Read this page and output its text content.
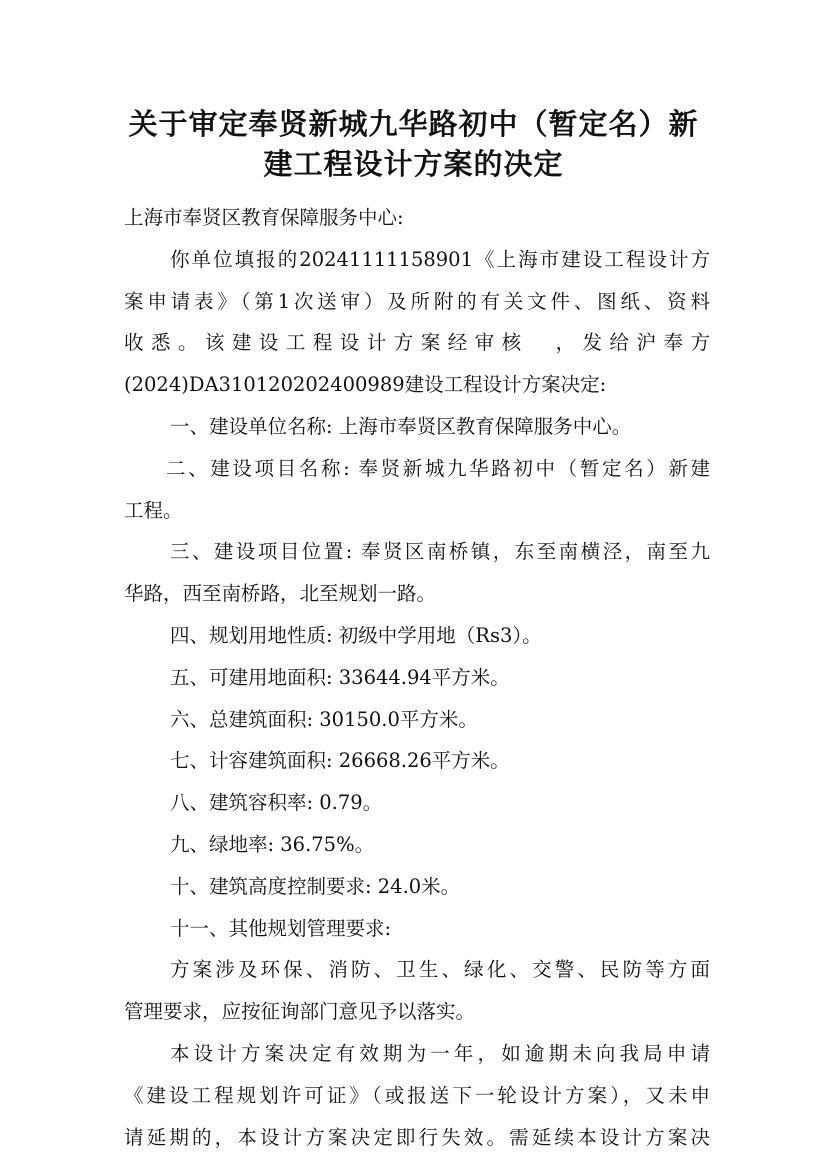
关于审定奉贤新城九华路初中（暂定名）新
建工程设计方案的决定
上海市奉贤区教育保障服务中心:
你单位填报的20241111158901《上海市建设工程设计方
案申请表》（第1次送审）及所附的有关文件、图纸、资料
收悉。该建设工程设计方案经审核　，发给沪奉方
(2024)DA310120202400989建设工程设计方案决定:
一、建设单位名称: 上海市奉贤区教育保障服务中心。
二、建设项目名称: 奉贤新城九华路初中（暂定名）新建
工程。
三、建设项目位置: 奉贤区南桥镇，东至南横泾，南至九
华路，西至南桥路，北至规划一路。
四、规划用地性质: 初级中学用地（Rs3）。
五、可建用地面积: 33644.94平方米。
六、总建筑面积: 30150.0平方米。
七、计容建筑面积: 26668.26平方米。
八、建筑容积率: 0.79。
九、绿地率: 36.75%。
十、建筑高度控制要求: 24.0米。
十一、其他规划管理要求:
方案涉及环保、消防、卫生、绿化、交警、民防等方面
管理要求，应按征询部门意见予以落实。
本设计方案决定有效期为一年，如逾期未向我局申请
《建设工程规划许可证》（或报送下一轮设计方案），又未申
请延期的，本设计方案决定即行失效。需延续本设计方案决
